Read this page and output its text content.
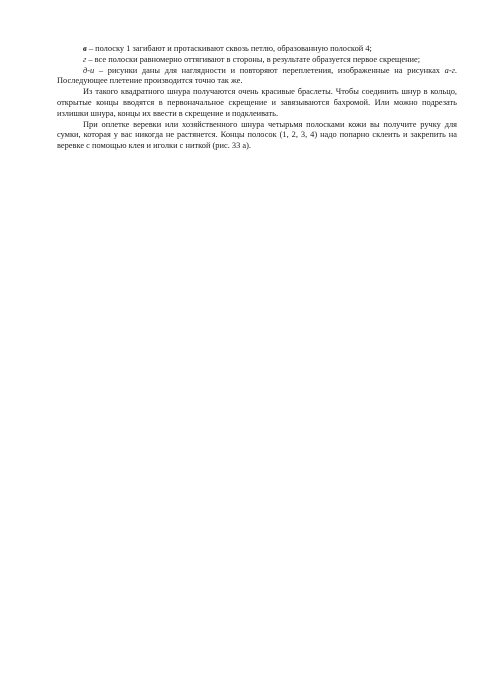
в – полоску 1 загибают и протаскивают сквозь петлю, образованную полоской 4;

г – все полоски равномерно оттягивают в стороны, в результате образуется первое скрещение;

д-и – рисунки даны для наглядности и повторяют переплетения, изображенные на рисунках а-г. Последующее плетение производится точно так же.

Из такого квадратного шнура получаются очень красивые браслеты. Чтобы соединить шнур в кольцо, открытые концы вводятся в первоначальное скрещение и завязываются бахромой. Или можно подрезать излишки шнура, концы их ввести в скрещение и подклеивать.

При оплетке веревки или хозяйственного шнура четырьмя полосками кожи вы получите ручку для сумки, которая у вас никогда не растянется. Концы полосок (1, 2, 3, 4) надо попарно склеить и закрепить на веревке с помощью клея и иголки с ниткой (рис. 33 а).
